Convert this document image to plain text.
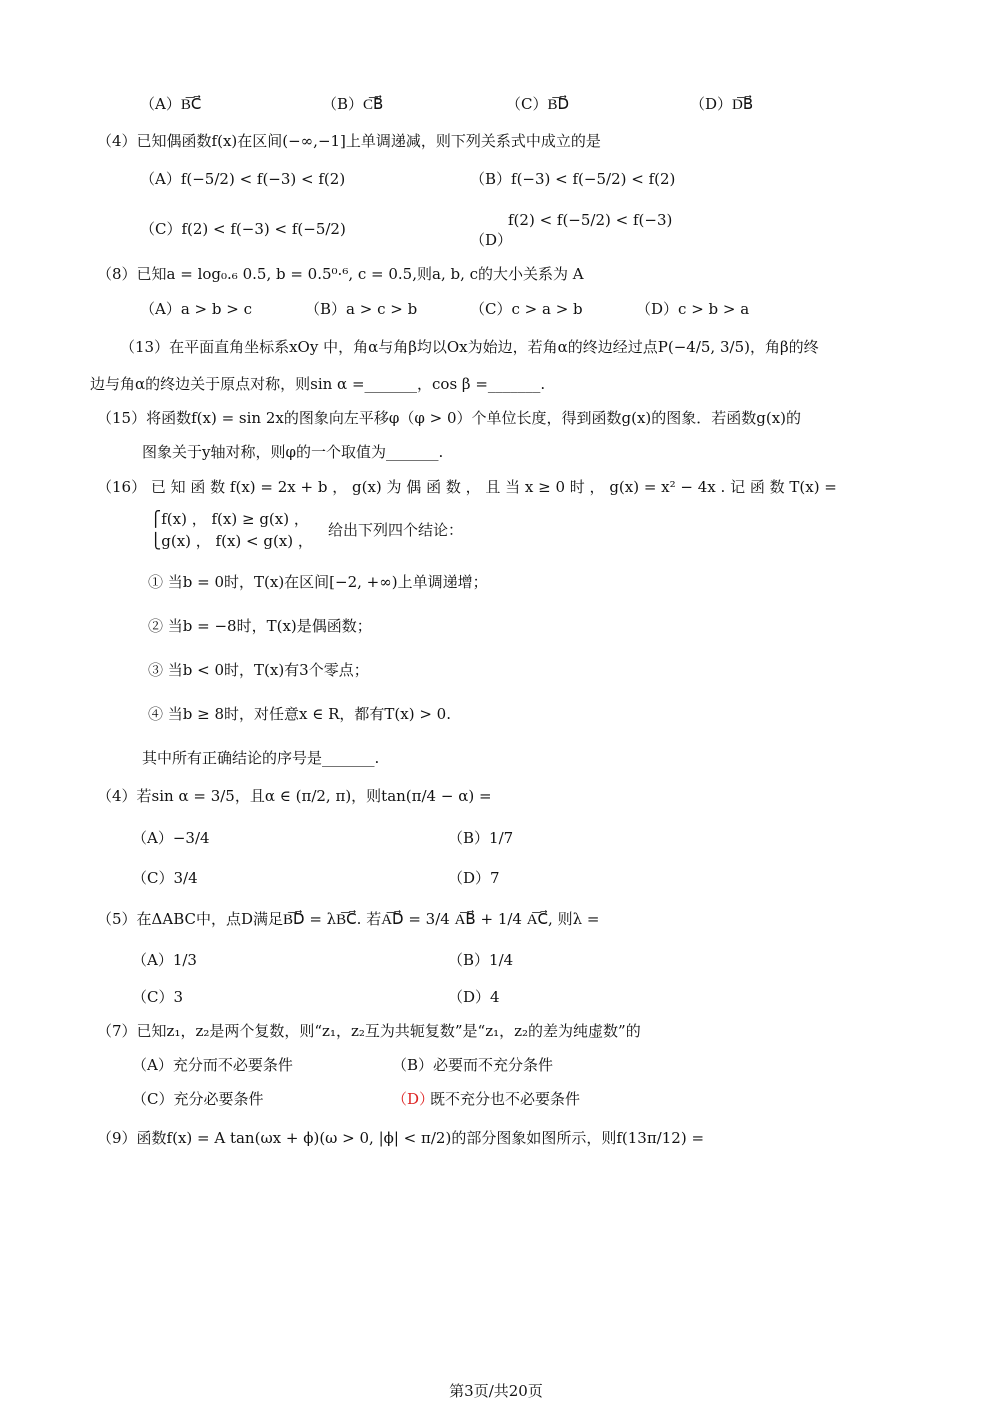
（A）B͞C⃗	（B）C͞B⃗	（C）B͞D⃗	（D）D͞B⃗
（4）已知偶函数f(x)在区间(−∞,−1]上单调递减，则下列关系式中成立的是
（A）f(−5/2) < f(−3) < f(2)	（B）f(−3) < f(−5/2) < f(2)
（C）f(2) < f(−3) < f(−5/2)	f(2) < f(−5/2) < f(−3)
（D）
（8）已知a = log₀.₆ 0.5, b = 0.5⁰·⁶, c = 0.5,则a, b, c的大小关系为 A
（A）a > b > c	（B）a > c > b	（C）c > a > b	（D）c > b > a
（13）在平面直角坐标系xOy 中，角α与角β均以Ox为始边，若角α的终边经过点P(−4/5, 3/5)，角β的终
边与角α的终边关于原点对称，则sin α =_______，cos β =_______.
（15）将函数f(x) = sin 2x的图象向左平移φ（φ > 0）个单位长度，得到函数g(x)的图象．若函数g(x)的
图象关于y轴对称，则φ的一个取值为_______.
（16） 已 知 函 数 f(x) = 2x + b ， g(x) 为 偶 函 数 ， 且 当 x ≥ 0 时 ， g(x) = x² − 4x . 记 函 数 T(x) =
⎧f(x) ， f(x) ≥ g(x) ，
⎩g(x) ， f(x) < g(x) ，
给出下列四个结论：
① 当b = 0时，T(x)在区间[−2, +∞)上单调递增；
② 当b = −8时，T(x)是偶函数；
③ 当b < 0时，T(x)有3个零点；
④ 当b ≥ 8时，对任意x ∈ R，都有T(x) > 0.
其中所有正确结论的序号是_______.
（4）若sin α = 3/5，且α ∈ (π/2, π)，则tan(π/4 − α) =
（A）−3/4	（B）1/7
（C）3/4	（D）7
（5）在ΔABC中，点D满足B͞D⃗ = λB͞C⃗. 若A͞D⃗ = 3/4 A͞B⃗ + 1/4 A͞C⃗, 则λ =
（A）1/3	（B）1/4
（C）3	（D）4
（7）已知z₁，z₂是两个复数，则“z₁，z₂互为共轭复数”是“z₁，z₂的差为纯虚数”的
（A）充分而不必要条件	（B）必要而不充分条件
（C）充分必要条件	既不充分也不必要条件
（9）函数f(x) = A tan(ωx + ϕ)(ω > 0, |ϕ| < π/2)的部分图象如图所示，则f(13π/12) =
（D）
第3页/共20页
